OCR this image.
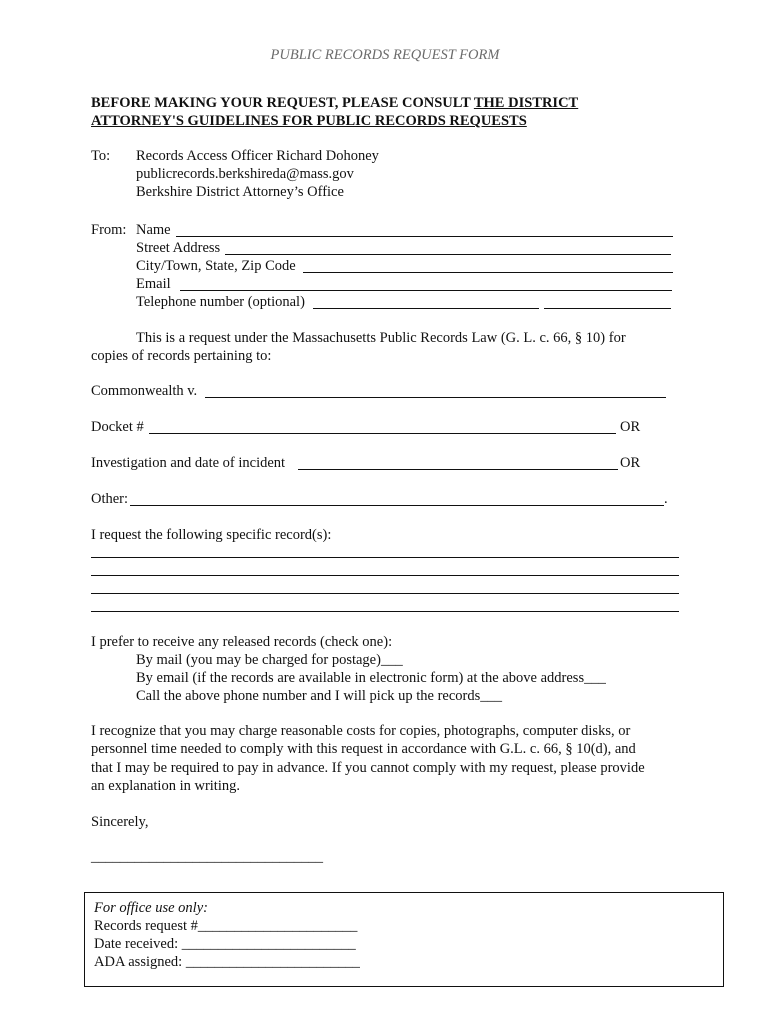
PUBLIC RECORDS REQUEST FORM
BEFORE MAKING YOUR REQUEST, PLEASE CONSULT THE DISTRICT
ATTORNEY'S GUIDELINES FOR PUBLIC RECORDS REQUESTS
To: Records Access Officer Richard Dohoney
publicrecords.berkshireda@mass.gov
Berkshire District Attorney’s Office
From: Name
Street Address
City/Town, State, Zip Code
Email
Telephone number (optional)
This is a request under the Massachusetts Public Records Law (G. L. c. 66, § 10) for
copies of records pertaining to:
Commonwealth v.
Docket #	OR
Investigation and date of incident	OR
Other:	.
I request the following specific record(s):
I prefer to receive any released records (check one):
By mail (you may be charged for postage)___
By email (if the records are available in electronic form) at the above address___
Call the above phone number and I will pick up the records___
I recognize that you may charge reasonable costs for copies, photographs, computer disks, or
personnel time needed to comply with this request in accordance with G.L. c. 66, § 10(d), and
that I may be required to pay in advance. If you cannot comply with my request, please provide
an explanation in writing.
Sincerely,
________________________________
For office use only:
Records request #______________________
Date received: ________________________
ADA assigned: ________________________
